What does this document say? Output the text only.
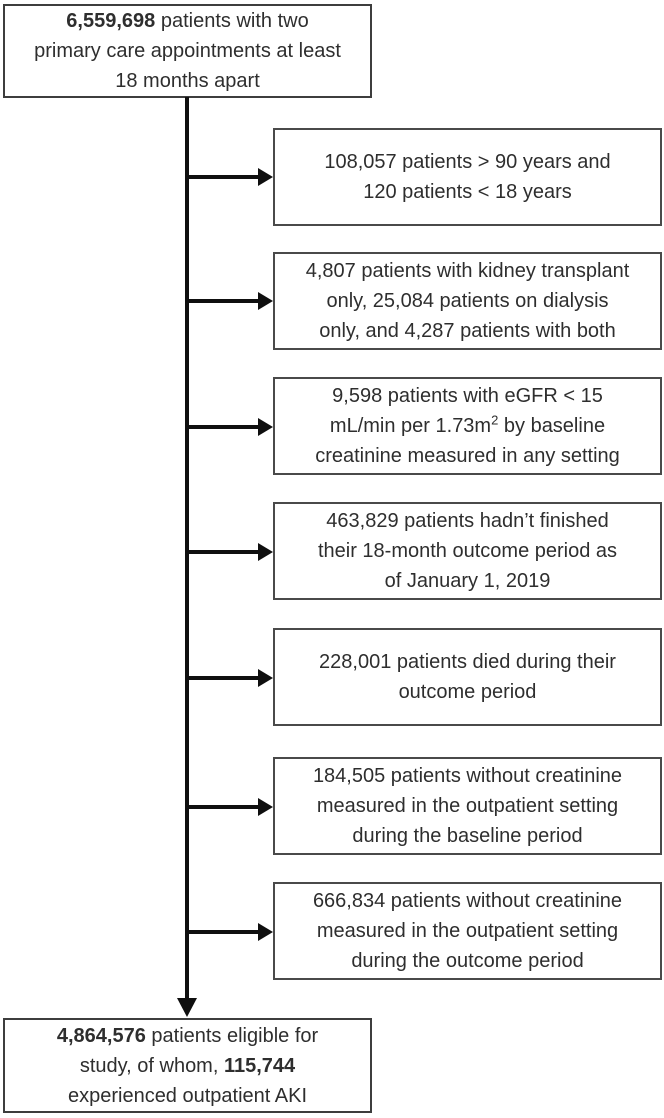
6,559,698 patients with two
primary care appointments at least
18 months apart
108,057 patients > 90 years and
120 patients < 18 years
4,807 patients with kidney transplant
only, 25,084 patients on dialysis
only, and 4,287 patients with both
9,598 patients with eGFR < 15
mL/min per $1.73m^2$ by baseline
creatinine measured in any setting
463,829 patients hadn’t finished
their 18-month outcome period as
of January 1, 2019
228,001 patients died during their
outcome period
184,505 patients without creatinine
measured in the outpatient setting
during the baseline period
666,834 patients without creatinine
measured in the outpatient setting
during the outcome period
4,864,576 patients eligible for
study, of whom, 115,744
experienced outpatient AKI
